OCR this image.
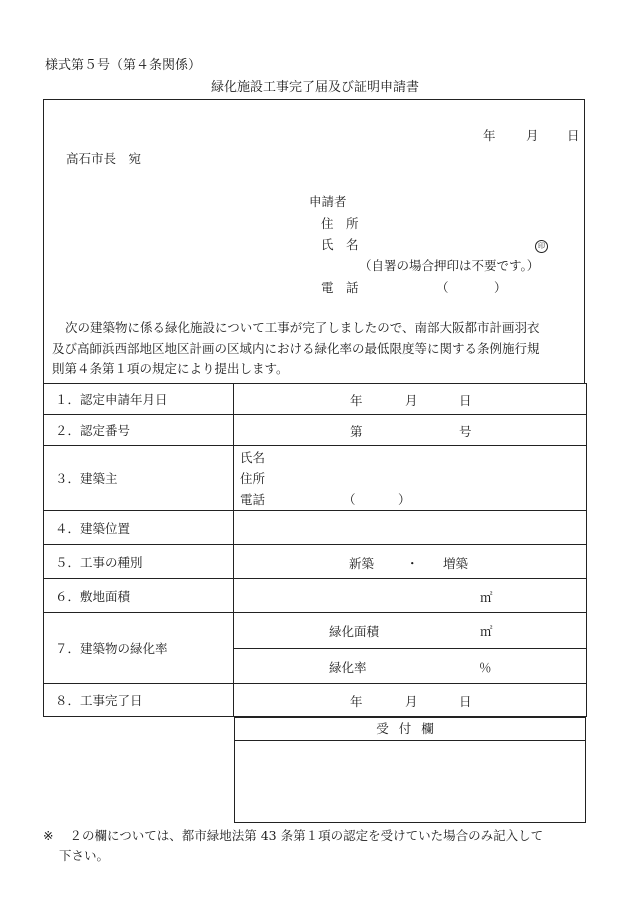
様式第５号（第４条関係）
緑化施設工事完了届及び証明申請書
年 月 日
高石市長　宛
申請者
住　所
氏　名	印
（自署の場合押印は不要です。）
電　話	（	）
次の建築物に係る緑化施設について工事が完了しましたので、南部大阪都市計画羽衣
及び高師浜西部地区地区計画の区域内における緑化率の最低限度等に関する条例施行規
則第４条第１項の規定により提出します。
１．認定申請年月日	年 月 日

２．認定番号	第 号

３．建築主	氏名
住所
電話 （ ）

４．建築位置	
５．工事の種別	新築 ・ 増築

６．敷地面積	㎡

７．建築物の緑化率	緑化面積 ㎡

	緑化率 ％

８．工事完了日	年 月 日
受付欄
※ ２の欄については、都市緑地法第 43 条第１項の認定を受けていた場合のみ記入して
下さい。
